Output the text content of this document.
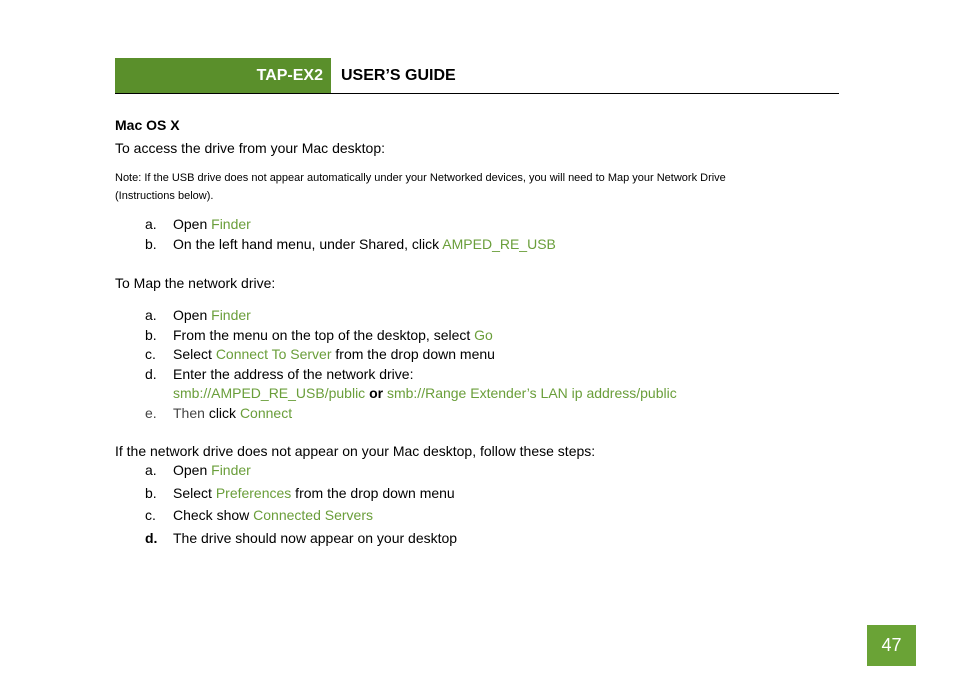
TAP-EX2	USER’S GUIDE
Mac OS X
To access the drive from your Mac desktop:
Note: If the USB drive does not appear automatically under your Networked devices, you will need to Map your Network Drive
(Instructions below).
a. Open Finder
b. On the left hand menu, under Shared, click AMPED_RE_USB
To Map the network drive:
a. Open Finder
b. From the menu on the top of the desktop, select Go
c. Select Connect To Server from the drop down menu
d. Enter the address of the network drive:
smb://AMPED_RE_USB/public or smb://Range Extender’s LAN ip address/public
e. Then click Connect
If the network drive does not appear on your Mac desktop, follow these steps:
a. Open Finder
b. Select Preferences from the drop down menu
c. Check show Connected Servers
d. The drive should now appear on your desktop
47
